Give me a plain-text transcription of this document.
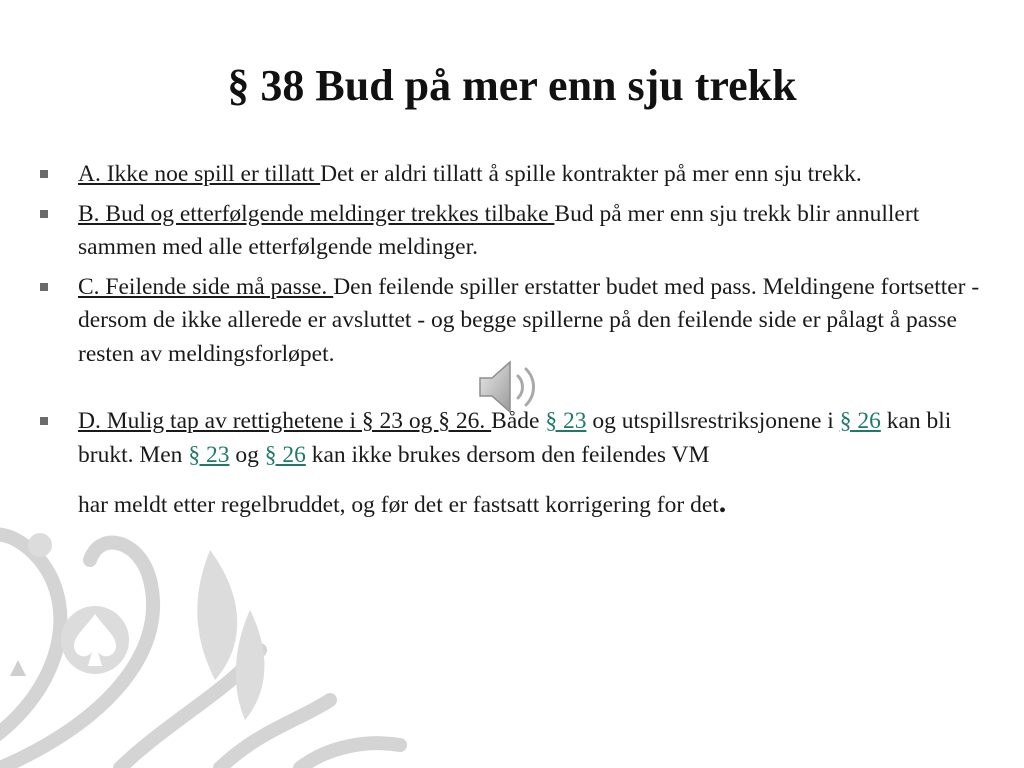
§ 38 Bud på mer enn sju trekk
A. Ikke noe spill er tillatt Det er aldri tillatt å spille kontrakter på mer enn sju trekk.
B. Bud og etterfølgende meldinger trekkes tilbake Bud på mer enn sju trekk blir annullert sammen med alle etterfølgende meldinger.
C. Feilende side må passe. Den feilende spiller erstatter budet med pass. Meldingene fortsetter - dersom de ikke allerede er avsluttet - og begge spillerne på den feilende side er pålagt å passe resten av meldingsforløpet.
D. Mulig tap av rettighetene i § 23 og § 26. Både § 23 og utspillsrestriksjonene i § 26 kan bli brukt. Men § 23 og § 26 kan ikke brukes dersom den feilendes VM
har meldt etter regelbruddet, og før det er fastsatt korrigering for det.
